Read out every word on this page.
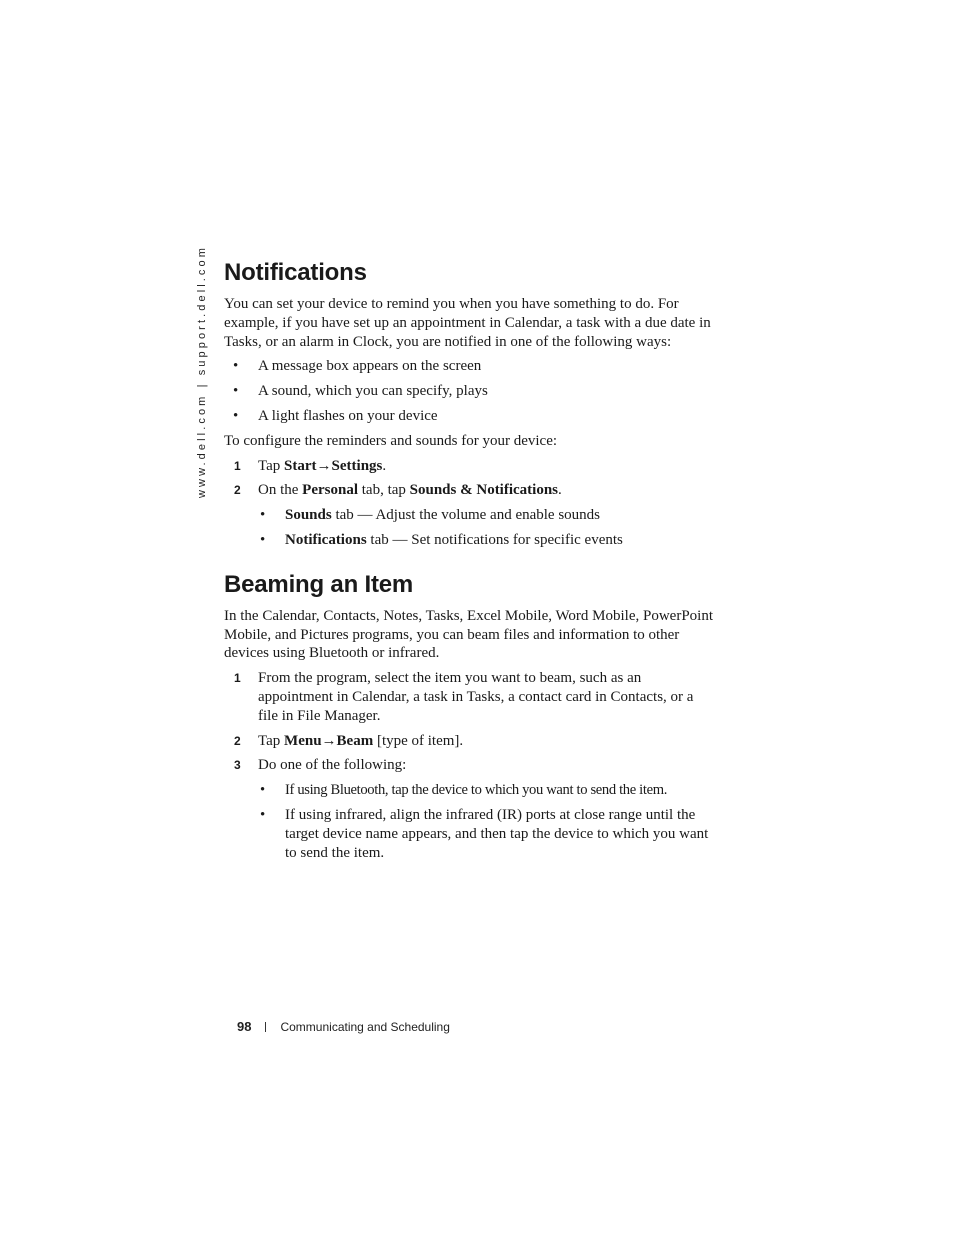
www.dell.com | support.dell.com Notifications

You can set your device to remind you when you have something to do. For example, if you have set up an appointment in Calendar, a task with a due date in Tasks, or an alarm in Clock, you are notified in one of the following ways:

• A message box appears on the screen
• A sound, which you can specify, plays
• A light flashes on your device

To configure the reminders and sounds for your device:

1 Tap Start→Settings.
2 On the Personal tab, tap Sounds & Notifications.
• Sounds tab — Adjust the volume and enable sounds
• Notifications tab — Set notifications for specific events
Beaming an Item

In the Calendar, Contacts, Notes, Tasks, Excel Mobile, Word Mobile, PowerPoint Mobile, and Pictures programs, you can beam files and information to other devices using Bluetooth or infrared.

1 From the program, select the item you want to beam, such as an appointment in Calendar, a task in Tasks, a contact card in Contacts, or a file in File Manager.
2 Tap Menu→Beam [type of item].
3 Do one of the following:
• If using Bluetooth, tap the device to which you want to send the item.
• If using infrared, align the infrared (IR) ports at close range until the target device name appears, and then tap the device to which you want to send the item.
98 Communicating and Scheduling
